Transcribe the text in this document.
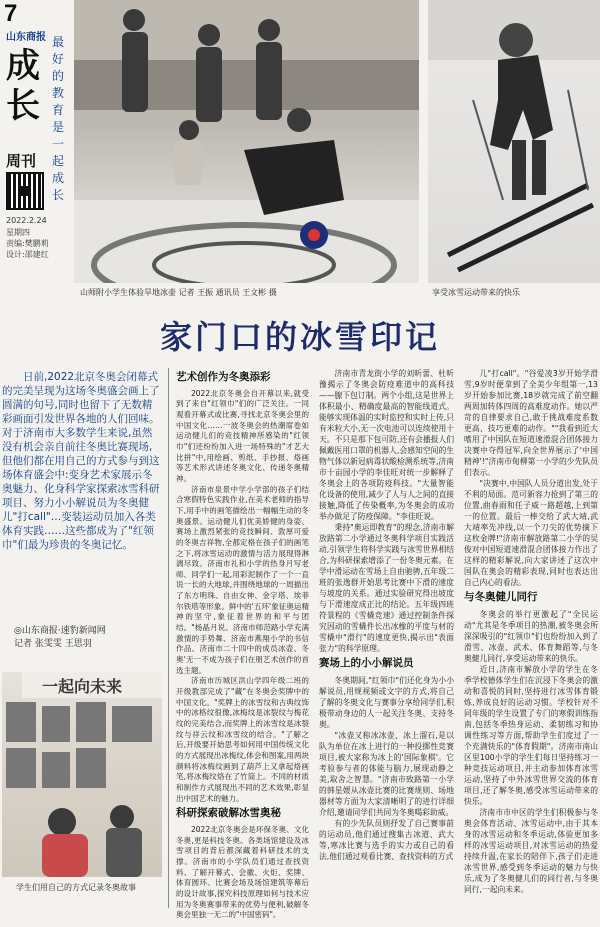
7
山东商报
成长
周刊
最好的教育是一起成长
2022.2.24
星期四
责编:樊鹏莉
设计:邵建红
山师附小学生体验旱地冰壶 记者 王振 通讯员 王文彬 摄	享受冰雪运动带来的快乐
家门口的冰雪印记
日前,2022北京冬奥会闭幕式的完美呈现为这场冬奥盛会画上了圆满的句号,同时也留下了无数精彩画面引发世界各地的人们回味。对于济南市大多数学生来说,虽然没有机会亲自前往冬奥比赛现场,但他们都在用自己的方式参与到这场体育盛会中:变身艺术家展示冬奥魅力、化身科学家探索冰雪科研项目、努力小小解说员为冬奥健儿"打call"…变装运动员加入各类体育实践……这些都成为了"红领巾"们最为珍贵的冬奥记忆。
◎山东商报·速豹新闻网
记者 张雯雯 王思羽
一起向未来
学生们用自己的方式记录冬奥故事
艺术创作为冬奥添彩

2022北京冬奥会自开幕以来,就受到了来自"红领巾"们的广泛关注。一同观看开幕式或比赛,寻找北京冬奥会里的中国文化……一波冬奥会的热潮席卷如运动健儿们的竞技精神所感染的"红领巾"们还纷纷加入进一场特殊的"才艺大比拼"中,用绘画、剪纸、手抄报、烙画等艺术形式讲述冬奥文化、传递冬奥精神。

济南市泉景中学小学部的孩子们结合寒假特色实践作业,在美术老师的指导下,用手中的画笔描绘出一幅幅生动的冬奥盛景。运动健儿们优美娇健的身姿、赛场上激烈紧张的竞技瞬间、敦厚可爱的冬奥吉祥物,全都定格在孩子们的画笔之下,将冰雪运动的激情与活力展现得淋漓尽致。济南市礼和小学的热身月写老师、同学们一起,用彩泥制作了一个一直说一长的大地球,并围绕地球的一周描出了东方明珠、自由女神、金字塔、埃菲尔铁塔等形象。鲜中的'五环'象征奥运精神的坚守,象征着世界的和平与团结。"杨晶月说。济南市师范路小学充满激情的手势舞、济南市燕翔小学的书信作品、济南市二十四中的成员冰壶、冬奥'无一不成为孩子们在朋艺术创作的首选主题。

济南市历城区洪山学四年级二班的开级教部完成了"藏"在冬奥会奖牌中的中国文化。"奖牌上的冰雪纹和古典纹饰中的冰格纹很像,冰梅纹是冰裂纹与梅花纹的完美结合,而奖牌上的冰雪纹是冰裂纹与祥云纹和冰雪纹的结合。"了解之后,开级要开始思考如何用中国传统文化的方式展现出冰梅纹,体会和图案,用两块颜料将冰梅纹画到了葫芦上又拿起烙画笔,将冰梅纹烙在了竹筒上。不同的材质和制作方式展现出不同的艺术效果,彰显出中国艺术的魅力。

科研探索破解冰雪奥秘

2022北京冬奥会是环保冬奥、文化冬奥,更是科技冬奥。各类场馆建设及冰雪项目的背后都深藏着科研技术的支撑。济南市的小学队员们通过查找资料、了解开幕式、会徽、火炬、奖牌、体育圆环、比赛会场及场馆建筑等幕后的设计故事,探究科技原理如何与技术应用为冬奥赛事带来的优势与便利,破解冬奥会里独一无二的"中国密码"。

济南市青龙街小学的刘昕蕾、杜昕豫揭示了冬奥会防疫难道中的高科技——腺下包订制。两个小组,这是世界上体积最小、精确度最高的智能线道式。能够实现体温的实时监控和实时上传,只有米粒大小,无一次电池可以连续使用十天。不只是那下包可防,还有会播报人们佩戴医用口罩的机器人,会感知空间的生物气体以新冠病毒状酸检测系统等,济南市十亩园小学的李佳旺对统一步解释了冬奥会上的各项防疫科技。"大量智能化设备的使用,减少了人与人之间的直接接触,降低了传染概率,为冬奥会的成功举办做足了防疫保障。"李佳旺说。

秉持"奥运即教育"的理念,济南市解放路第二小学通过冬奥科学项目实践活动,引领学生将科学实践与冰雪世界相结合,为科研探索增添了一份冬奥元素。在学中滑运动在雪场上自由驰骋,五年级二班的张逸群开始思考比赛中下滑的速度与坡度的关系。通过实验研究得出坡度与下滑速度成正比的结论。五年级四班符景程的《雪橇竞速》通过控制条件探究因动的雪橇件长出冰橡的平度与材的雪橇中"滑行"的速度更快,揭示出"表面张力"的科学原理。

赛场上的小小解说员

冬奥期间,"红领巾"们还化身为小小解说员,用规视频或文字的方式,将自己了解的冬奥文化与赛事分享给同学们,积极带动身边的人一起关注冬奥、支持冬奥。

"冰壶又称冰冰壶、冰上溜石,是以队为单位在冰上进行的一种投掷性竞赛项目,被大家称为冰上的'国际象棋'。它考验参与者的体能与脑力,展现动静之美,取舍之智慧。"济南市致路第一小学的韩星媛从冰壶比赛的比赛规则、场地器材等方面为大家清晰明了的进行详细介绍,邀请同学们共同为冬奥喝彩助威。

有的少先队员则抒发了自己赛事前的运动员,他们通过搜集古冰道、武大等,寒冰比赛与选手的实力或自己的看法,他们通过观看比赛、查找资料的方式

儿"打call"。"谷爱凌3岁开始学滑雪,9岁时便拿到了全美少年组第一,13岁开始参加比赛,18岁就完成了前空翻两周加转体四周的高难度动作。她以严苛的自律要求自己,敢于挑战难度系数更高、技巧更难的动作。""我看到近大嗜用了中国队在短道速滑混合团体接力决赛中夺得冠军,向全世界展示了'中国精神'!"济南市甸柳第一小学的少先队员们表示。

"决赛中,中国队人员分道出发,处于不利的局面。范可新容力抢到了第三的位置,曲春雨和任子威一路超越,上到第一的位置。最后一棒交给了武大靖,武大靖率先冲线,以一个刀尖的优势摘下这枚金牌!"济南市解放路第二小学的吴俊对中国短道速滑混合团体接力作出了这样的精彩解说,向大家讲述了这次中国队在奥会的精彩表现,同时也表达出自己内心的看法。

与冬奥健儿同行

冬奥会的举行更激起了"全民运动"尤其是冬季项目的热潮,被冬奥会所深深吸引的"红领巾"们也纷纷加入到了滑雪、冰壶、武术、体育舞蹈等,与冬奥健儿同行,享受运动带来的快乐。

近日,济南市解放小学的学生在冬季学校德体学生们在沉浸下冬奥会的激动和喜悦的同时,坚持进行冰雪体育锻炼,养成良好的运动习惯。学校针对不同年级的学生设置了专门的寒假训练指南,包括冬季热身运动、柔韧练习和协调性练习等方面,帮助学生们度过了一个充满快乐的"体育假期"。济南市南山区里100小学的学生们每日坚持练习一种竞技运动项目,并主动参加体育冰雪运动,坚持了中外冰雪世界交流的体育项目,还了解冬奥,感受冰雪运动带来的快乐。

济南市市中区的学生们积极参与冬奥会体育活动、冰雪运动中,由于其本身的冰雪运动和冬季运动,体验更加多样的冰雪运动项目,对冰雪运动的热爱持续升温,在家长的陪伴下,孩子们走进冰雪世界,感受到冬季运动的魅力与快乐,成为了冬奥健儿们的同行者,与冬奥同行,一起向未来。
